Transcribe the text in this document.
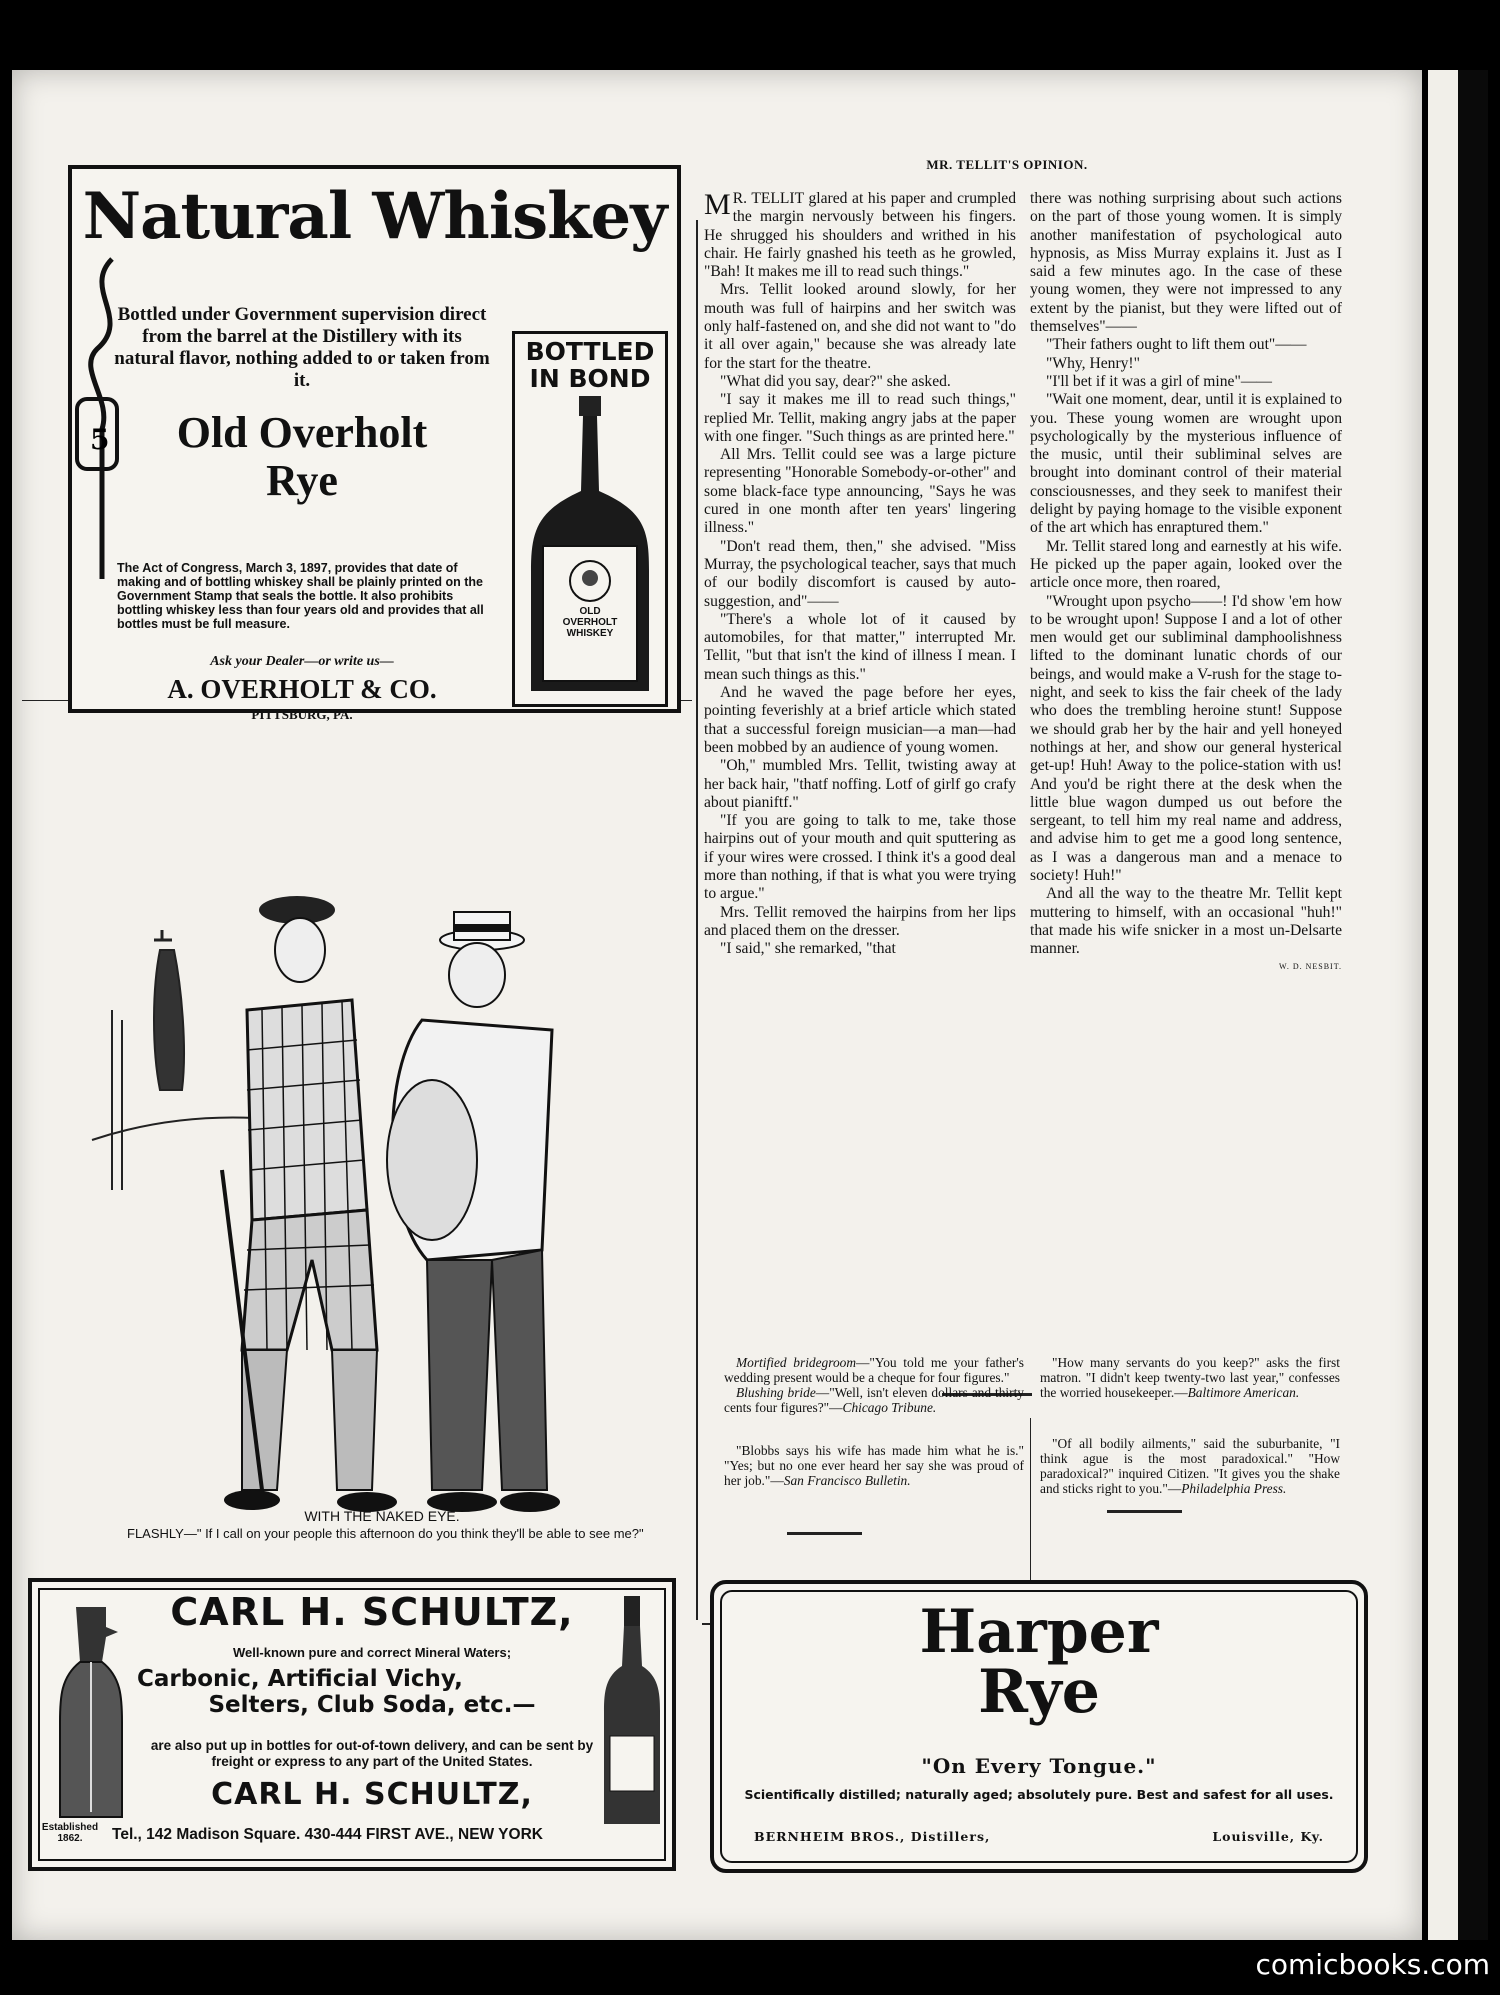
Natural Whiskey
5
Bottled under Government supervision direct from the barrel at the Distillery with its natural flavor, nothing added to or taken from it.
Old Overholt
Rye
The Act of Congress, March 3, 1897, provides that date of making and of bottling whiskey shall be plainly printed on the Government Stamp that seals the bottle. It also prohibits bottling whiskey less than four years old and provides that all bottles must be full measure.
Ask your Dealer—or write us—
A. OVERHOLT & CO.
PITTSBURG, PA.
BOTTLED
IN BOND
OLD
OVERHOLT
WHISKEY
WITH THE NAKED EYE.
FLASHLY—" If I call on your people this afternoon do you think they'll be able to see me?"
MR. TELLIT'S OPINION.

M R. TELLIT glared at his paper and crumpled the margin nervously between his fingers. He shrugged his shoulders and writhed in his chair. He fairly gnashed his teeth as he growled, "Bah! It makes me ill to read such things."

Mrs. Tellit looked around slowly, for her mouth was full of hairpins and her switch was only half-fastened on, and she did not want to "do it all over again," because she was already late for the start for the theatre.

"What did you say, dear?" she asked.

"I say it makes me ill to read such things," replied Mr. Tellit, making angry jabs at the paper with one finger. "Such things as are printed here."

All Mrs. Tellit could see was a large picture representing "Honorable Somebody-or-other" and some black-face type announcing, "Says he was cured in one month after ten years' lingering illness."

"Don't read them, then," she advised. "Miss Murray, the psychological teacher, says that much of our bodily discomfort is caused by auto-suggestion, and"——

"There's a whole lot of it caused by automobiles, for that matter," interrupted Mr. Tellit, "but that isn't the kind of illness I mean. I mean such things as this."

And he waved the page before her eyes, pointing feverishly at a brief article which stated that a successful foreign musician—a man—had been mobbed by an audience of young women.

"Oh," mumbled Mrs. Tellit, twisting away at her back hair, "thatf noffing. Lotf of girlf go crafy about pianiftf."

"If you are going to talk to me, take those hairpins out of your mouth and quit sputtering as if your wires were crossed. I think it's a good deal more than nothing, if that is what you were trying to argue."

Mrs. Tellit removed the hairpins from her lips and placed them on the dresser.

"I said," she remarked, "that

there was nothing surprising about such actions on the part of those young women. It is simply another manifestation of psychological auto hypnosis, as Miss Murray explains it. Just as I said a few minutes ago. In the case of these young women, they were not impressed to any extent by the pianist, but they were lifted out of themselves"——

"Their fathers ought to lift them out"——

"Why, Henry!"

"I'll bet if it was a girl of mine"——

"Wait one moment, dear, until it is explained to you. These young women are wrought upon psychologically by the mysterious influence of the music, until their subliminal selves are brought into dominant control of their material consciousnesses, and they seek to manifest their delight by paying homage to the visible exponent of the art which has enraptured them."

Mr. Tellit stared long and earnestly at his wife. He picked up the paper again, looked over the article once more, then roared,

"Wrought upon psycho——! I'd show 'em how to be wrought upon! Suppose I and a lot of other men would get our subliminal damphoolishness lifted to the dominant lunatic chords of our beings, and would make a V-rush for the stage to-night, and seek to kiss the fair cheek of the lady who does the trembling heroine stunt! Suppose we should grab her by the hair and yell honeyed nothings at her, and show our general hysterical get-up! Huh! Away to the police-station with us! And you'd be right there at the desk when the little blue wagon dumped us out before the sergeant, to tell him my real name and address, and advise him to get me a good long sentence, as I was a dangerous man and a menace to society! Huh!"

And all the way to the theatre Mr. Tellit kept muttering to himself, with an occasional "huh!" that made his wife snicker in a most un-Delsarte manner.

W. D. NESBIT.

Mortified bridegroom—"You told me your father's wedding present would be a cheque for four figures."

Blushing bride—"Well, isn't eleven dollars and thirty cents four figures?"—Chicago Tribune.

"Blobbs says his wife has made him what he is." "Yes; but no one ever heard her say she was proud of her job."—San Francisco Bulletin.

"How many servants do you keep?" asks the first matron. "I didn't keep twenty-two last year," confesses the worried housekeeper.—Baltimore American.

"Of all bodily ailments," said the suburbanite, "I think ague is the most paradoxical." "How paradoxical?" inquired Citizen. "It gives you the shake and sticks right to you."—Philadelphia Press.

CARL H. SCHULTZ,
Well-known pure and correct Mineral Waters;
Carbonic, Artificial Vichy,
Selters, Club Soda, etc.—
are also put up in bottles for out-of-town delivery, and can be sent by freight or express to any part of the United States.
CARL H. SCHULTZ,
Established 1862.	Tel., 142 Madison Square. 430-444 FIRST AVE., NEW YORK
Harper
Rye
"On Every Tongue."
Scientifically distilled; naturally aged; absolutely pure. Best and safest for all uses.
BERNHEIM BROS., Distillers,	Louisville, Ky.
comicbooks.com
